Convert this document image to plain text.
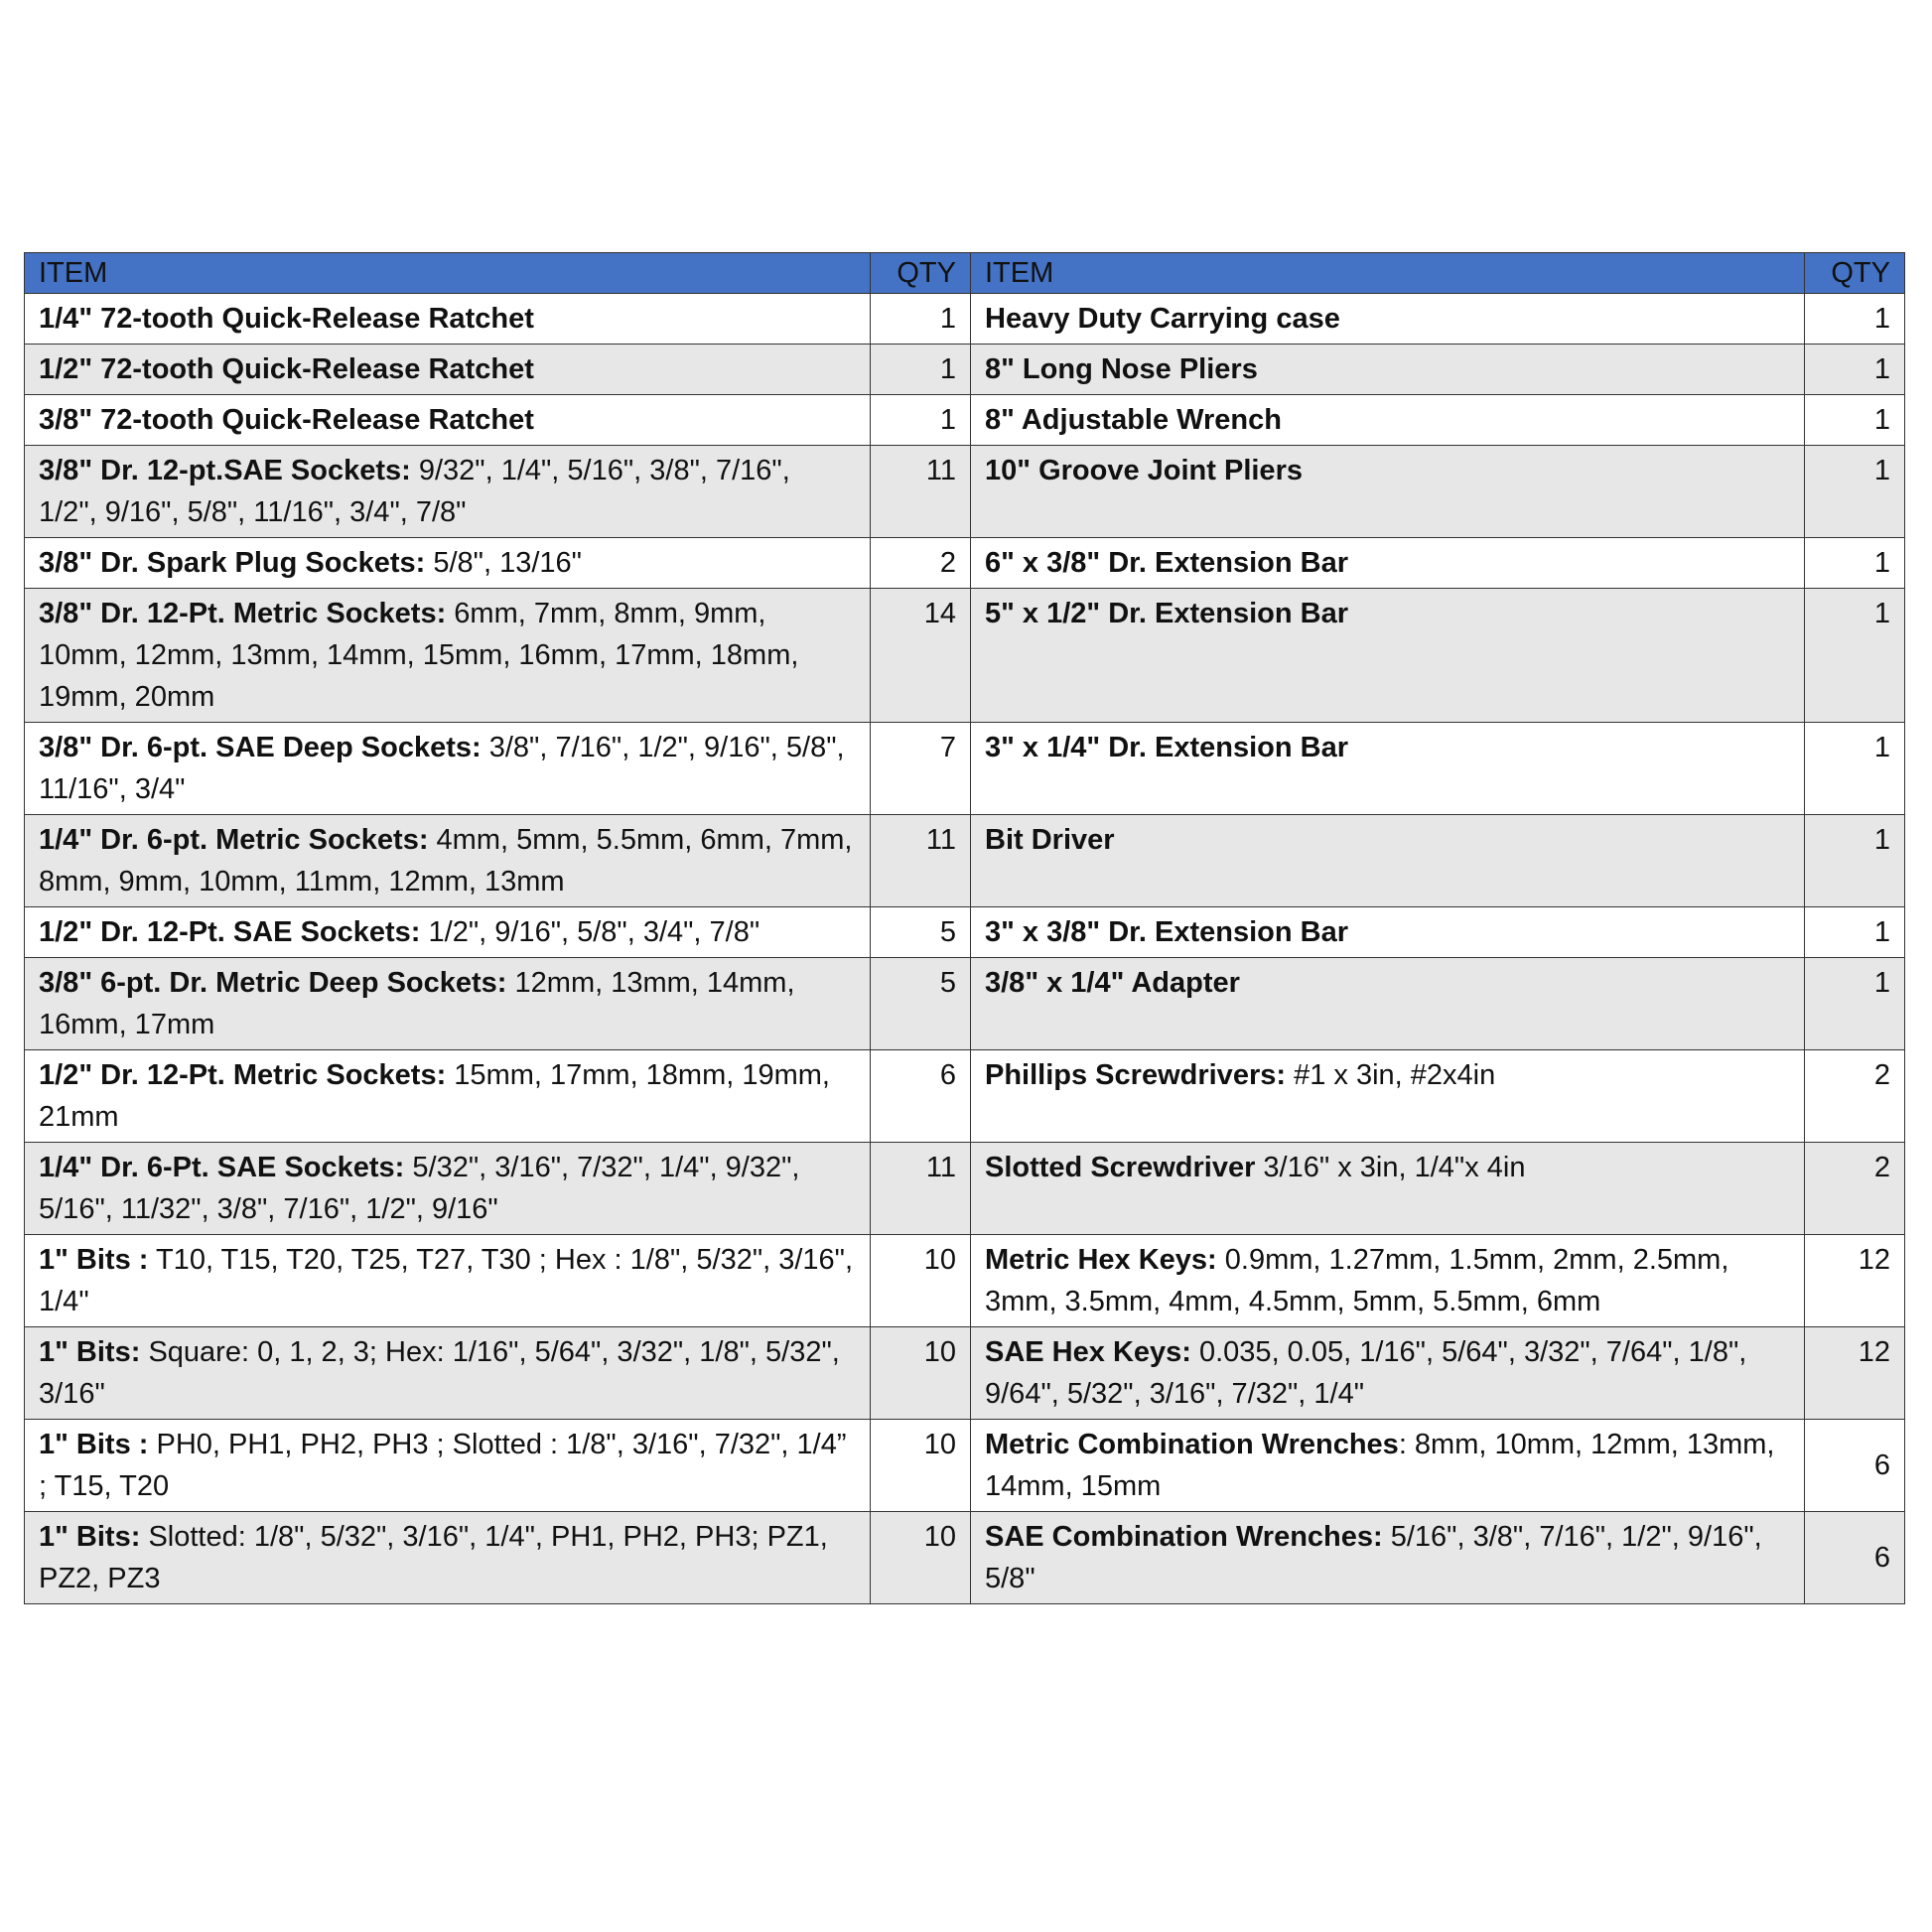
ITEM	QTY	ITEM	QTY
1/4" 72-tooth Quick-Release Ratchet	1	Heavy Duty Carrying case	1
1/2" 72-tooth Quick-Release Ratchet	1	8" Long Nose Pliers	1
3/8" 72-tooth Quick-Release Ratchet	1	8" Adjustable Wrench	1
3/8" Dr. 12-pt.SAE Sockets: 9/32", 1/4", 5/16", 3/8", 7/16", 1/2", 9/16", 5/8", 11/16", 3/4", 7/8"	11	10" Groove Joint Pliers	1
3/8" Dr. Spark Plug Sockets: 5/8", 13/16"	2	6" x 3/8" Dr. Extension Bar	1
3/8" Dr. 12-Pt. Metric Sockets: 6mm, 7mm, 8mm, 9mm, 10mm, 12mm, 13mm, 14mm, 15mm, 16mm, 17mm, 18mm, 19mm, 20mm	14	5" x 1/2" Dr. Extension Bar	1
3/8" Dr. 6-pt. SAE Deep Sockets: 3/8", 7/16", 1/2", 9/16", 5/8", 11/16", 3/4"	7	3" x 1/4" Dr. Extension Bar	1
1/4" Dr. 6-pt. Metric Sockets: 4mm, 5mm, 5.5mm, 6mm, 7mm, 8mm, 9mm, 10mm, 11mm, 12mm, 13mm	11	Bit Driver	1
1/2" Dr. 12-Pt. SAE Sockets: 1/2", 9/16", 5/8", 3/4", 7/8"	5	3" x 3/8" Dr. Extension Bar	1
3/8" 6-pt. Dr. Metric Deep Sockets: 12mm, 13mm, 14mm, 16mm, 17mm	5	3/8" x 1/4" Adapter	1
1/2" Dr. 12-Pt. Metric Sockets: 15mm, 17mm, 18mm, 19mm, 21mm	6	Phillips Screwdrivers: #1 x 3in, #2x4in	2
1/4" Dr. 6-Pt. SAE Sockets: 5/32", 3/16", 7/32", 1/4", 9/32", 5/16", 11/32", 3/8", 7/16", 1/2", 9/16"	11	Slotted Screwdriver 3/16" x 3in, 1/4"x 4in	2
1" Bits : T10, T15, T20, T25, T27, T30 ; Hex : 1/8", 5/32", 3/16", 1/4"	10	Metric Hex Keys: 0.9mm, 1.27mm, 1.5mm, 2mm, 2.5mm, 3mm, 3.5mm, 4mm, 4.5mm, 5mm, 5.5mm, 6mm	12
1" Bits: Square: 0, 1, 2, 3; Hex: 1/16", 5/64", 3/32", 1/8", 5/32", 3/16"	10	SAE Hex Keys: 0.035, 0.05, 1/16", 5/64", 3/32", 7/64", 1/8", 9/64", 5/32", 3/16", 7/32", 1/4"	12
1" Bits : PH0, PH1, PH2, PH3 ; Slotted : 1/8", 3/16", 7/32", 1/4” ; T15, T20	10	Metric Combination Wrenches: 8mm, 10mm, 12mm, 13mm, 14mm, 15mm	6
1" Bits: Slotted: 1/8", 5/32", 3/16", 1/4", PH1, PH2, PH3; PZ1, PZ2, PZ3	10	SAE Combination Wrenches: 5/16", 3/8", 7/16", 1/2", 9/16", 5/8"	6
